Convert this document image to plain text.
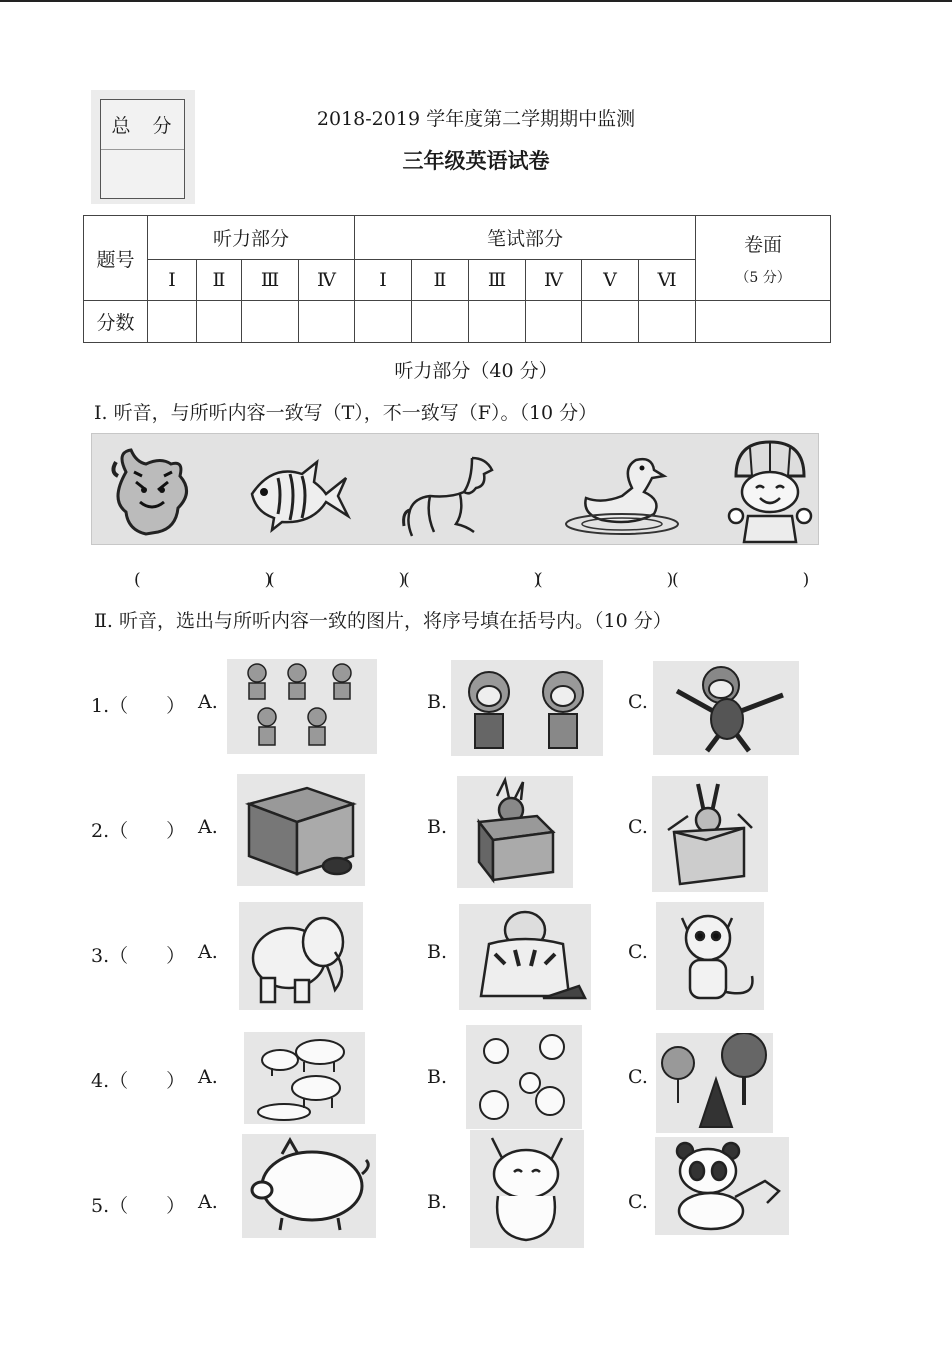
总 分	2018-2019 学年度第二学期期中监测
三年级英语试卷
题号	听力部分				笔试部分						卷面
（5 分）

	Ⅰ	Ⅱ	Ⅲ	Ⅳ	Ⅰ	Ⅱ	Ⅲ	Ⅳ	Ⅴ	Ⅵ	
分数											
听力部分（40 分）
Ⅰ. 听音，与所听内容一致写（T），不一致写（F）。（10 分）
(　　)
(　　)
(　　)
(　　)
(　　)
Ⅱ. 听音，选出与所听内容一致的图片，将序号填在括号内。（10 分）
1.（　　） A.	B.	C.
2.（　　） A.	B.	C.
3.（　　） A.	B.	C.
4.（　　） A.	B.	C.
5.（　　） A.	B.	C.
